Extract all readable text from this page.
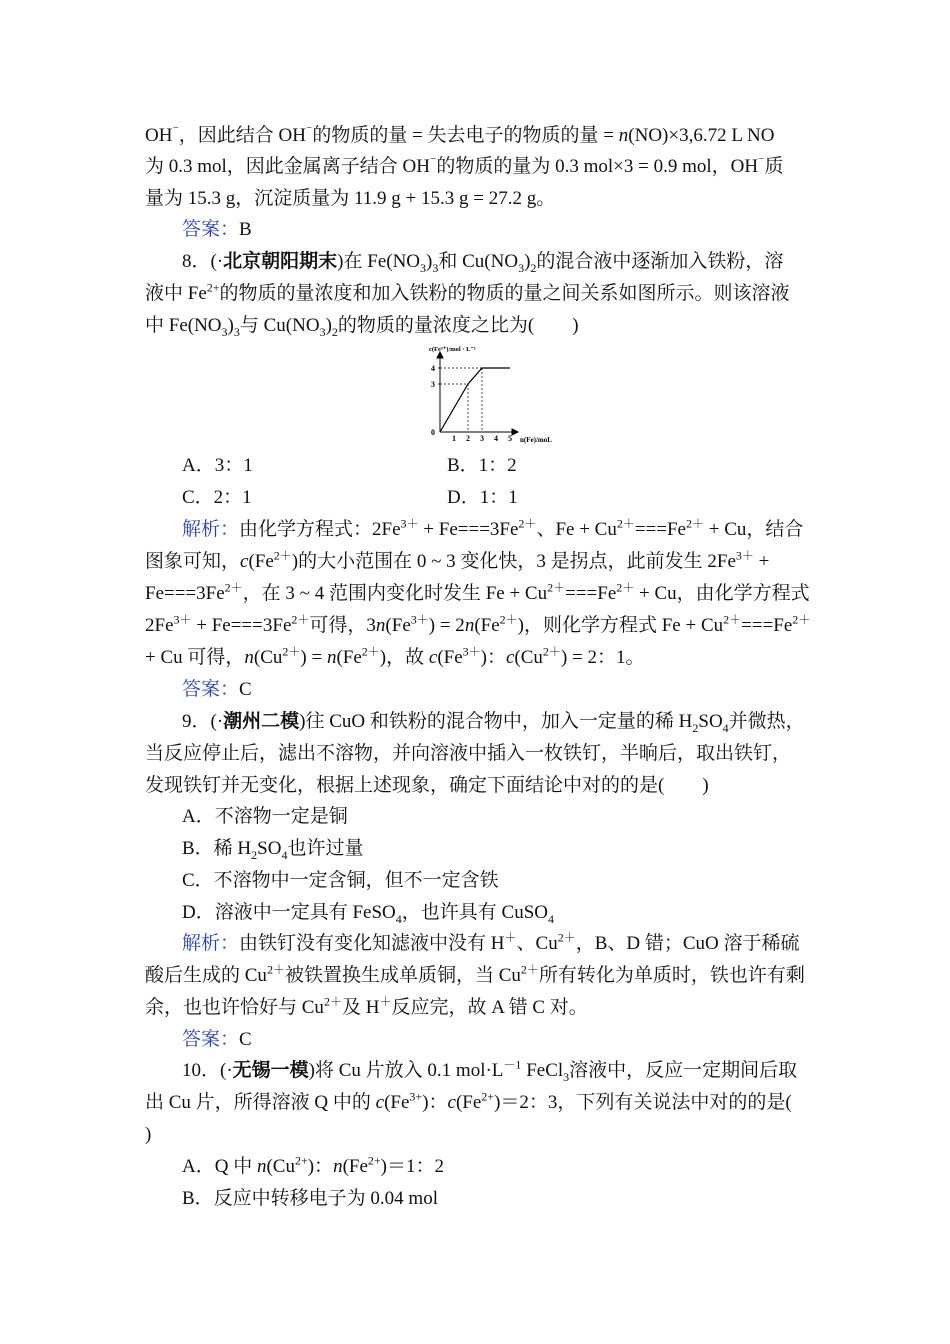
OH⁻，因此结合 OH⁻的物质的量 = 失去电子的物质的量 = n(NO)×3,6.72 L NO
为 0.3 mol，因此金属离子结合 OH⁻的物质的量为 0.3 mol×3 = 0.9 mol，OH⁻质
量为 15.3 g，沉淀质量为 11.9 g + 15.3 g = 27.2 g。
答案：B
8．(·北京朝阳期末)在 $Fe(NO_3)_3$和 $Cu(NO_3)_2$的混合液中逐渐加入铁粉，溶
液中 $Fe^{2+}$的物质的量浓度和加入铁粉的物质的量之间关系如图所示。则该溶液
中 $Fe(NO_3)_3$与 $Cu(NO_3)_2$的物质的量浓度之比为(　　)
1 2 3 4 5
3
4
0
c(Fe²⁺)/mol · L⁻¹
n(Fe)/moL
A．3：1	B．1：2
C．2：1	D．1：1
解析：由化学方程式：$2Fe^{3+} + Fe===3Fe^{2+}$、$Fe + Cu^{2+}===Fe^{2+} + Cu$，结合
图象可知，$c(Fe^{2+})$的大小范围在 0 ~ 3 变化快，3 是拐点，此前发生 $2Fe^{3+}$ +
$Fe===3Fe^{2+}$，在 3 ~ 4 范围内变化时发生 $Fe + Cu^{2+}===Fe^{2+} + Cu$，由化学方程式
$2Fe^{3+} + Fe===3Fe^{2+}$可得，$3n(Fe^{3+}) = 2n(Fe^{2+})$，则化学方程式 $Fe + Cu^{2+}===Fe^{2+}$
+ Cu 可得，$n(Cu^{2+}) = n(Fe^{2+})$，故 $c(Fe^{3+})$：$c(Cu^{2+}) = 2$：1。
答案：C
9．(·潮州二模)往 CuO 和铁粉的混合物中，加入一定量的稀 $H_2SO_4$并微热，
当反应停止后，滤出不溶物，并向溶液中插入一枚铁钉，半晌后，取出铁钉，
发现铁钉并无变化，根据上述现象，确定下面结论中对的的是(　　)
A．不溶物一定是铜
B．稀 $H_2SO_4$也许过量
C．不溶物中一定含铜，但不一定含铁
D．溶液中一定具有 FeSO$_4$，也许具有 CuSO$_4$
解析：由铁钉没有变化知滤液中没有 H＋、$Cu^{2+}$，B、D 错；CuO 溶于稀硫
酸后生成的 $Cu^{2+}$被铁置换生成单质铜，当 $Cu^{2+}$所有转化为单质时，铁也许有剩
余，也也许恰好与 $Cu^{2+}$及 H＋反应完，故 A 错 C 对。
答案：C
10．(·无锡一模)将 Cu 片放入 0.1 $mol\cdot L^{-1}$ FeCl$_3$溶液中，反应一定期间后取
出 Cu 片，所得溶液 Q 中的 $c(Fe^{3+})$：$c(Fe^{2+})=2$：3，下列有关说法中对的的是(
)
A．Q 中 $n(Cu^{2+})$：$n(Fe^{2+})=1$：2
B．反应中转移电子为 0.04 mol
